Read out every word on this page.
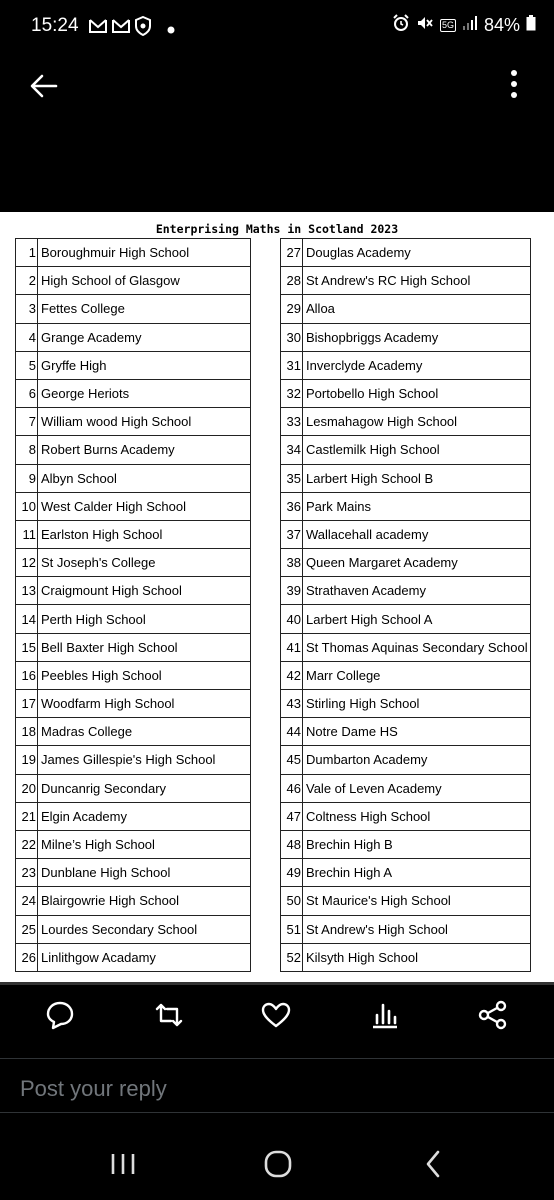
15:24	5G 84%
Enterprising Maths in Scotland 2023
1	Boroughmuir High School
2	High School of Glasgow
3	Fettes College
4	Grange Academy
5	Gryffe High
6	George Heriots
7	William wood High School
8	Robert Burns Academy
9	Albyn School
10	West Calder High School
11	Earlston High School
12	St Joseph's College
13	Craigmount High School
14	Perth High School
15	Bell Baxter High School
16	Peebles High School
17	Woodfarm High School
18	Madras College
19	James Gillespie's High School
20	Duncanrig Secondary
21	Elgin Academy
22	Milne’s High School
23	Dunblane High School
24	Blairgowrie High School
25	Lourdes Secondary School
26	Linlithgow Acadamy
27	Douglas Academy
28	St Andrew's RC High School
29	Alloa
30	Bishopbriggs Academy
31	Inverclyde Academy
32	Portobello High School
33	Lesmahagow High School
34	Castlemilk High School
35	Larbert High School B
36	Park Mains
37	Wallacehall academy
38	Queen Margaret Academy
39	Strathaven Academy
40	Larbert High School A
41	St Thomas Aquinas Secondary School
42	Marr College
43	Stirling High School
44	Notre Dame HS
45	Dumbarton Academy
46	Vale of Leven Academy
47	Coltness High School
48	Brechin High B
49	Brechin High A
50	St Maurice's High School
51	St Andrew's High School
52	Kilsyth High School
Post your reply
